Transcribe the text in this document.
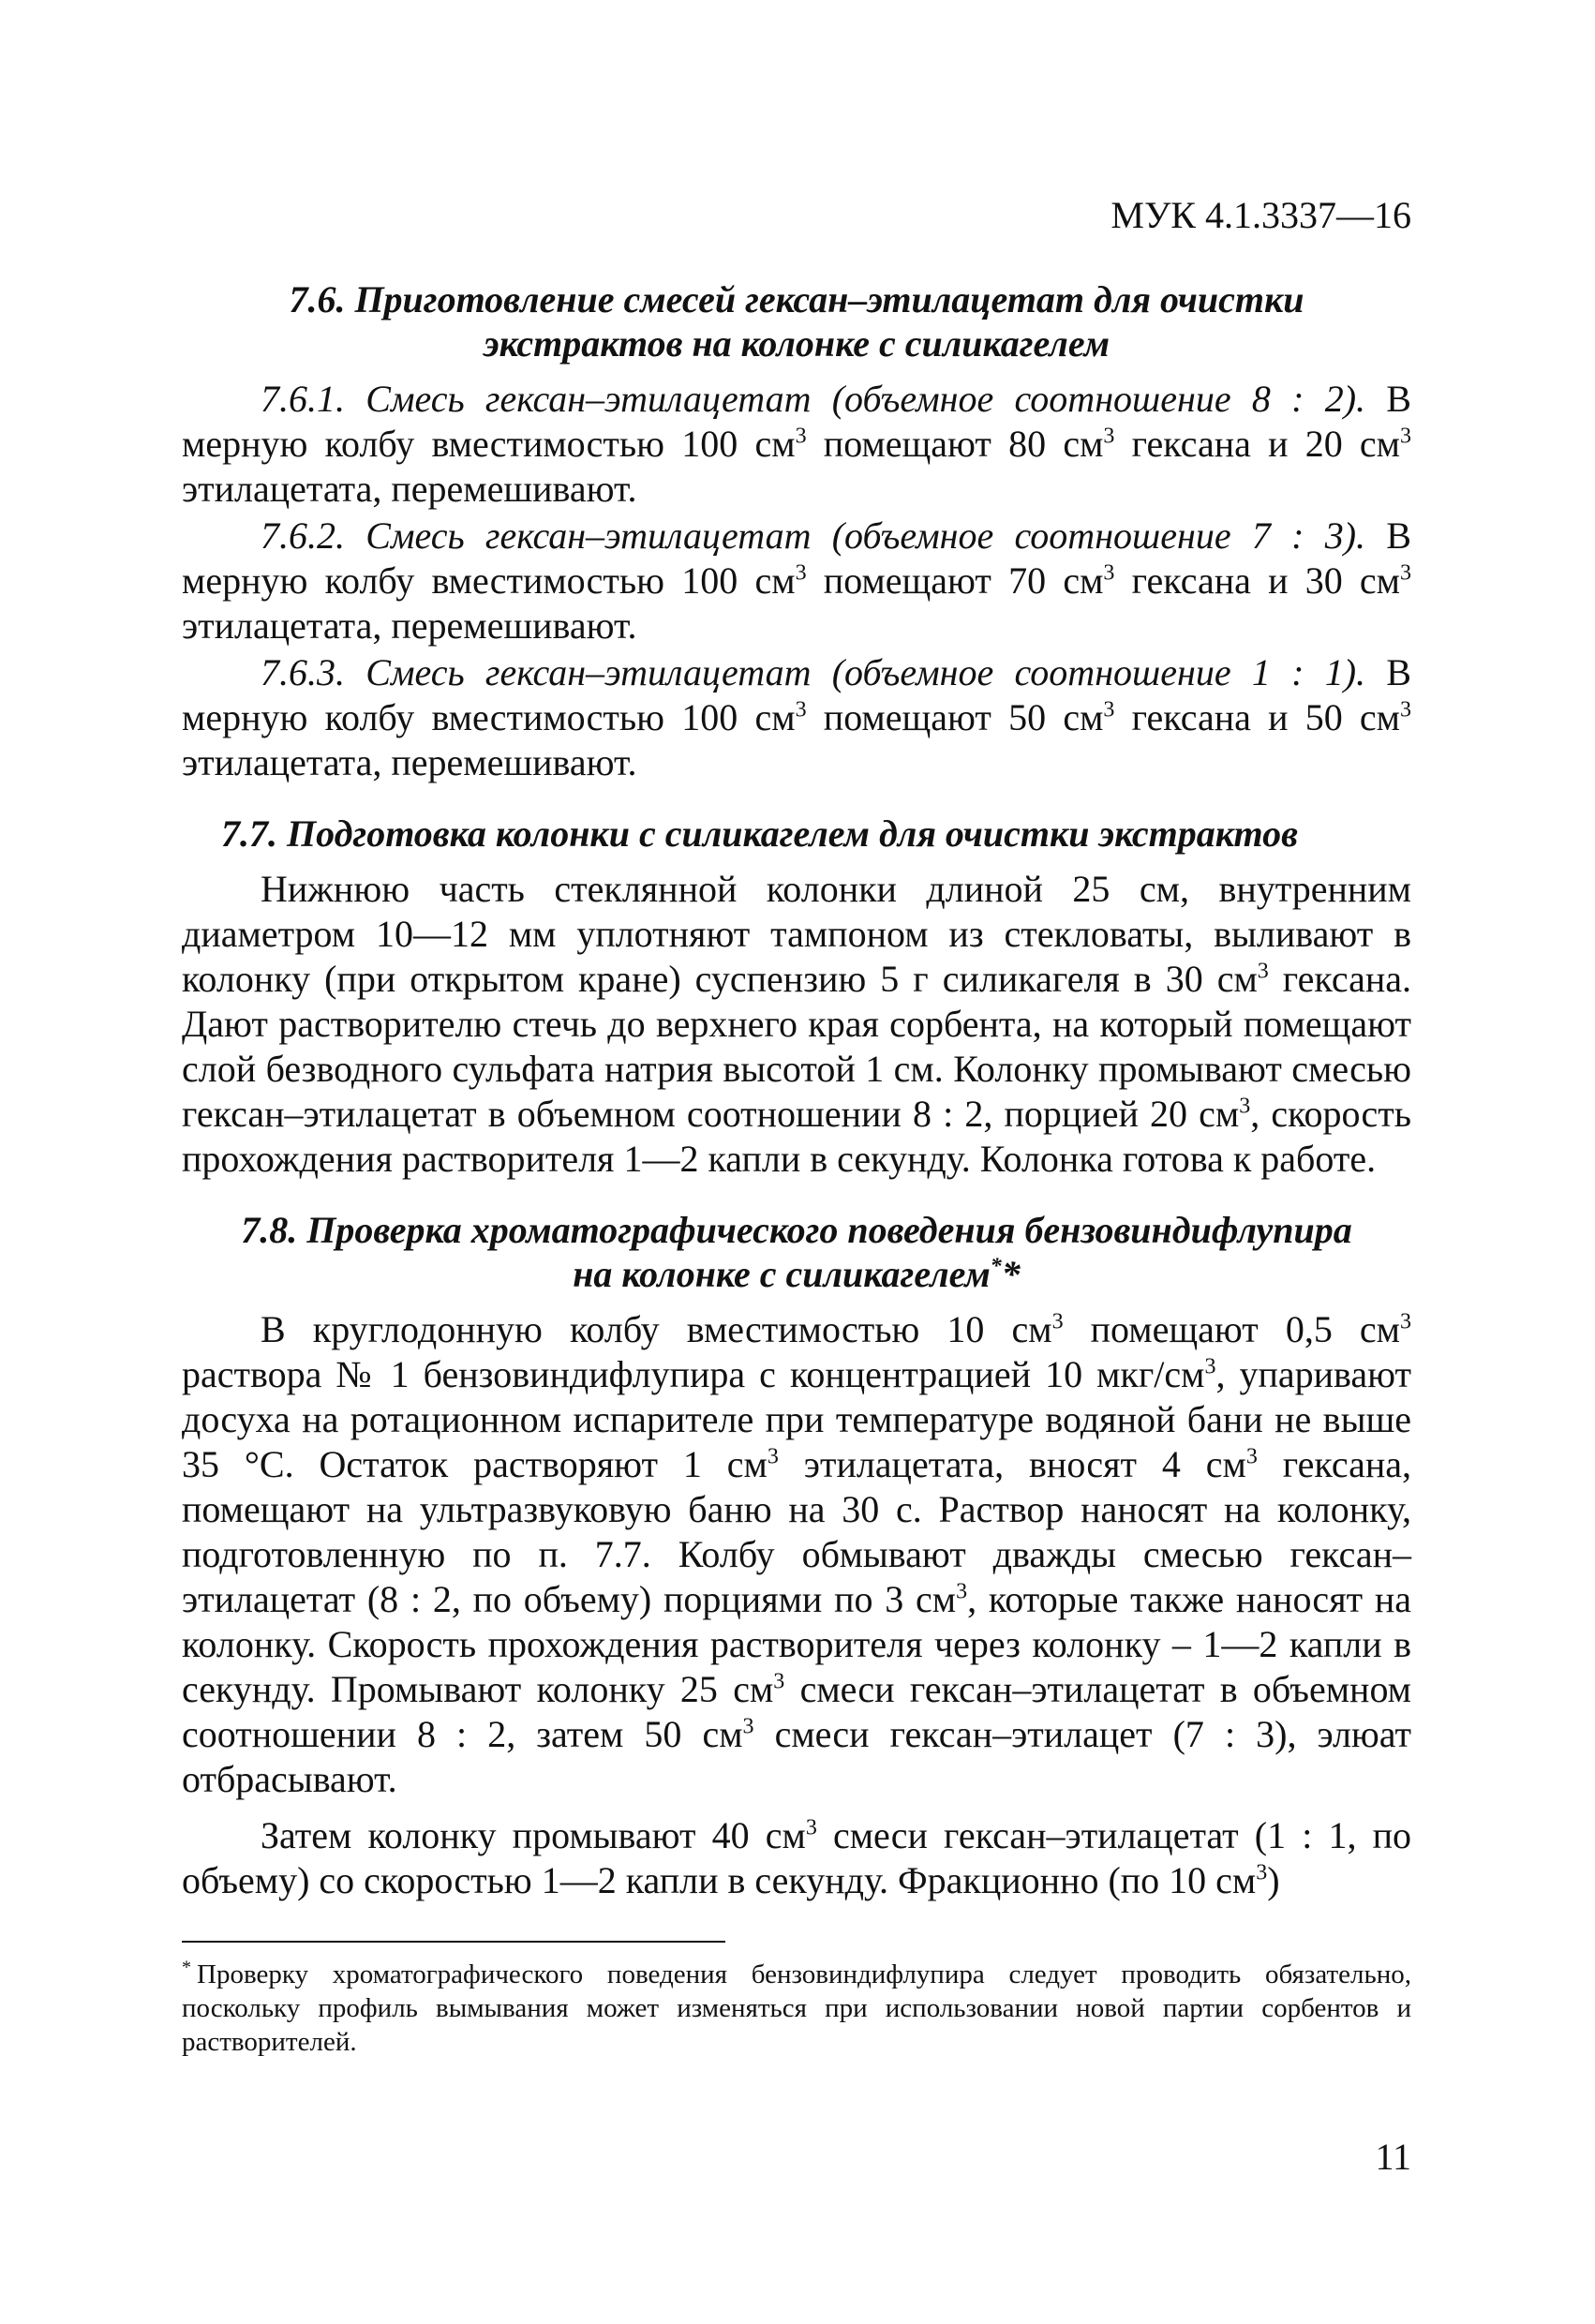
МУК 4.1.3337—16
7.6. Приготовление смесей гексан–этилацетат для очистки
экстрактов на колонке с силикагелем

7.6.1. Смесь гексан–этилацетат (объемное соотношение 8 : 2). В мерную колбу вместимостью 100 $см^3$ помещают 80 $см^3$ гексана и 20 $см^3$ этилацетата, перемешивают.

7.6.2. Смесь гексан–этилацетат (объемное соотношение 7 : 3). В мерную колбу вместимостью 100 $см^3$ помещают 70 $см^3$ гексана и 30 $см^3$ этилацетата, перемешивают.

7.6.3. Смесь гексан–этилацетат (объемное соотношение 1 : 1). В мерную колбу вместимостью 100 $см^3$ помещают 50 $см^3$ гексана и 50 $см^3$ этилацетата, перемешивают.

7.7. Подготовка колонки с силикагелем для очистки экстрактов

Нижнюю часть стеклянной колонки длиной 25 см, внутренним диаметром 10—12 мм уплотняют тампоном из стекловаты, выливают в колонку (при открытом кране) суспензию 5 г силикагеля в 30 $см^3$ гексана. Дают растворителю стечь до верхнего края сорбента, на который помещают слой безводного сульфата натрия высотой 1 см. Колонку промывают смесью гексан–этилацетат в объемном соотношении 8 : 2, порцией 20 $см^3$, скорость прохождения растворителя 1—2 капли в секунду. Колонка готова к работе.

7.8. Проверка хроматографического поведения бензовиндифлупира
на колонке с силикагелем**

В круглодонную колбу вместимостью 10 $см^3$ помещают 0,5 $см^3$ раствора № 1 бензовиндифлупира с концентрацией 10 мкг/$см^3$, упаривают досуха на ротационном испарителе при температуре водяной бани не выше 35 °С. Остаток растворяют 1 $см^3$ этилацетата, вносят 4 $см^3$ гексана, помещают на ультразвуковую баню на 30 с. Раствор наносят на колонку, подготовленную по п. 7.7. Колбу обмывают дважды смесью гексан–этилацетат (8 : 2, по объему) порциями по 3 $см^3$, которые также наносят на колонку. Скорость прохождения растворителя через колонку – 1—2 капли в секунду. Промывают колонку 25 $см^3$ смеси гексан–этилацетат в объемном соотношении 8 : 2, затем 50 $см^3$ смеси гексан–этилацет (7 : 3), элюат отбрасывают.

Затем колонку промывают 40 $см^3$ смеси гексан–этилацетат (1 : 1, по объему) со скоростью 1—2 капли в секунду. Фракционно (по 10 $см^3$)

* Проверку хроматографического поведения бензовиндифлупира следует проводить обязательно, поскольку профиль вымывания может изменяться при использовании новой партии сорбентов и растворителей.
11
